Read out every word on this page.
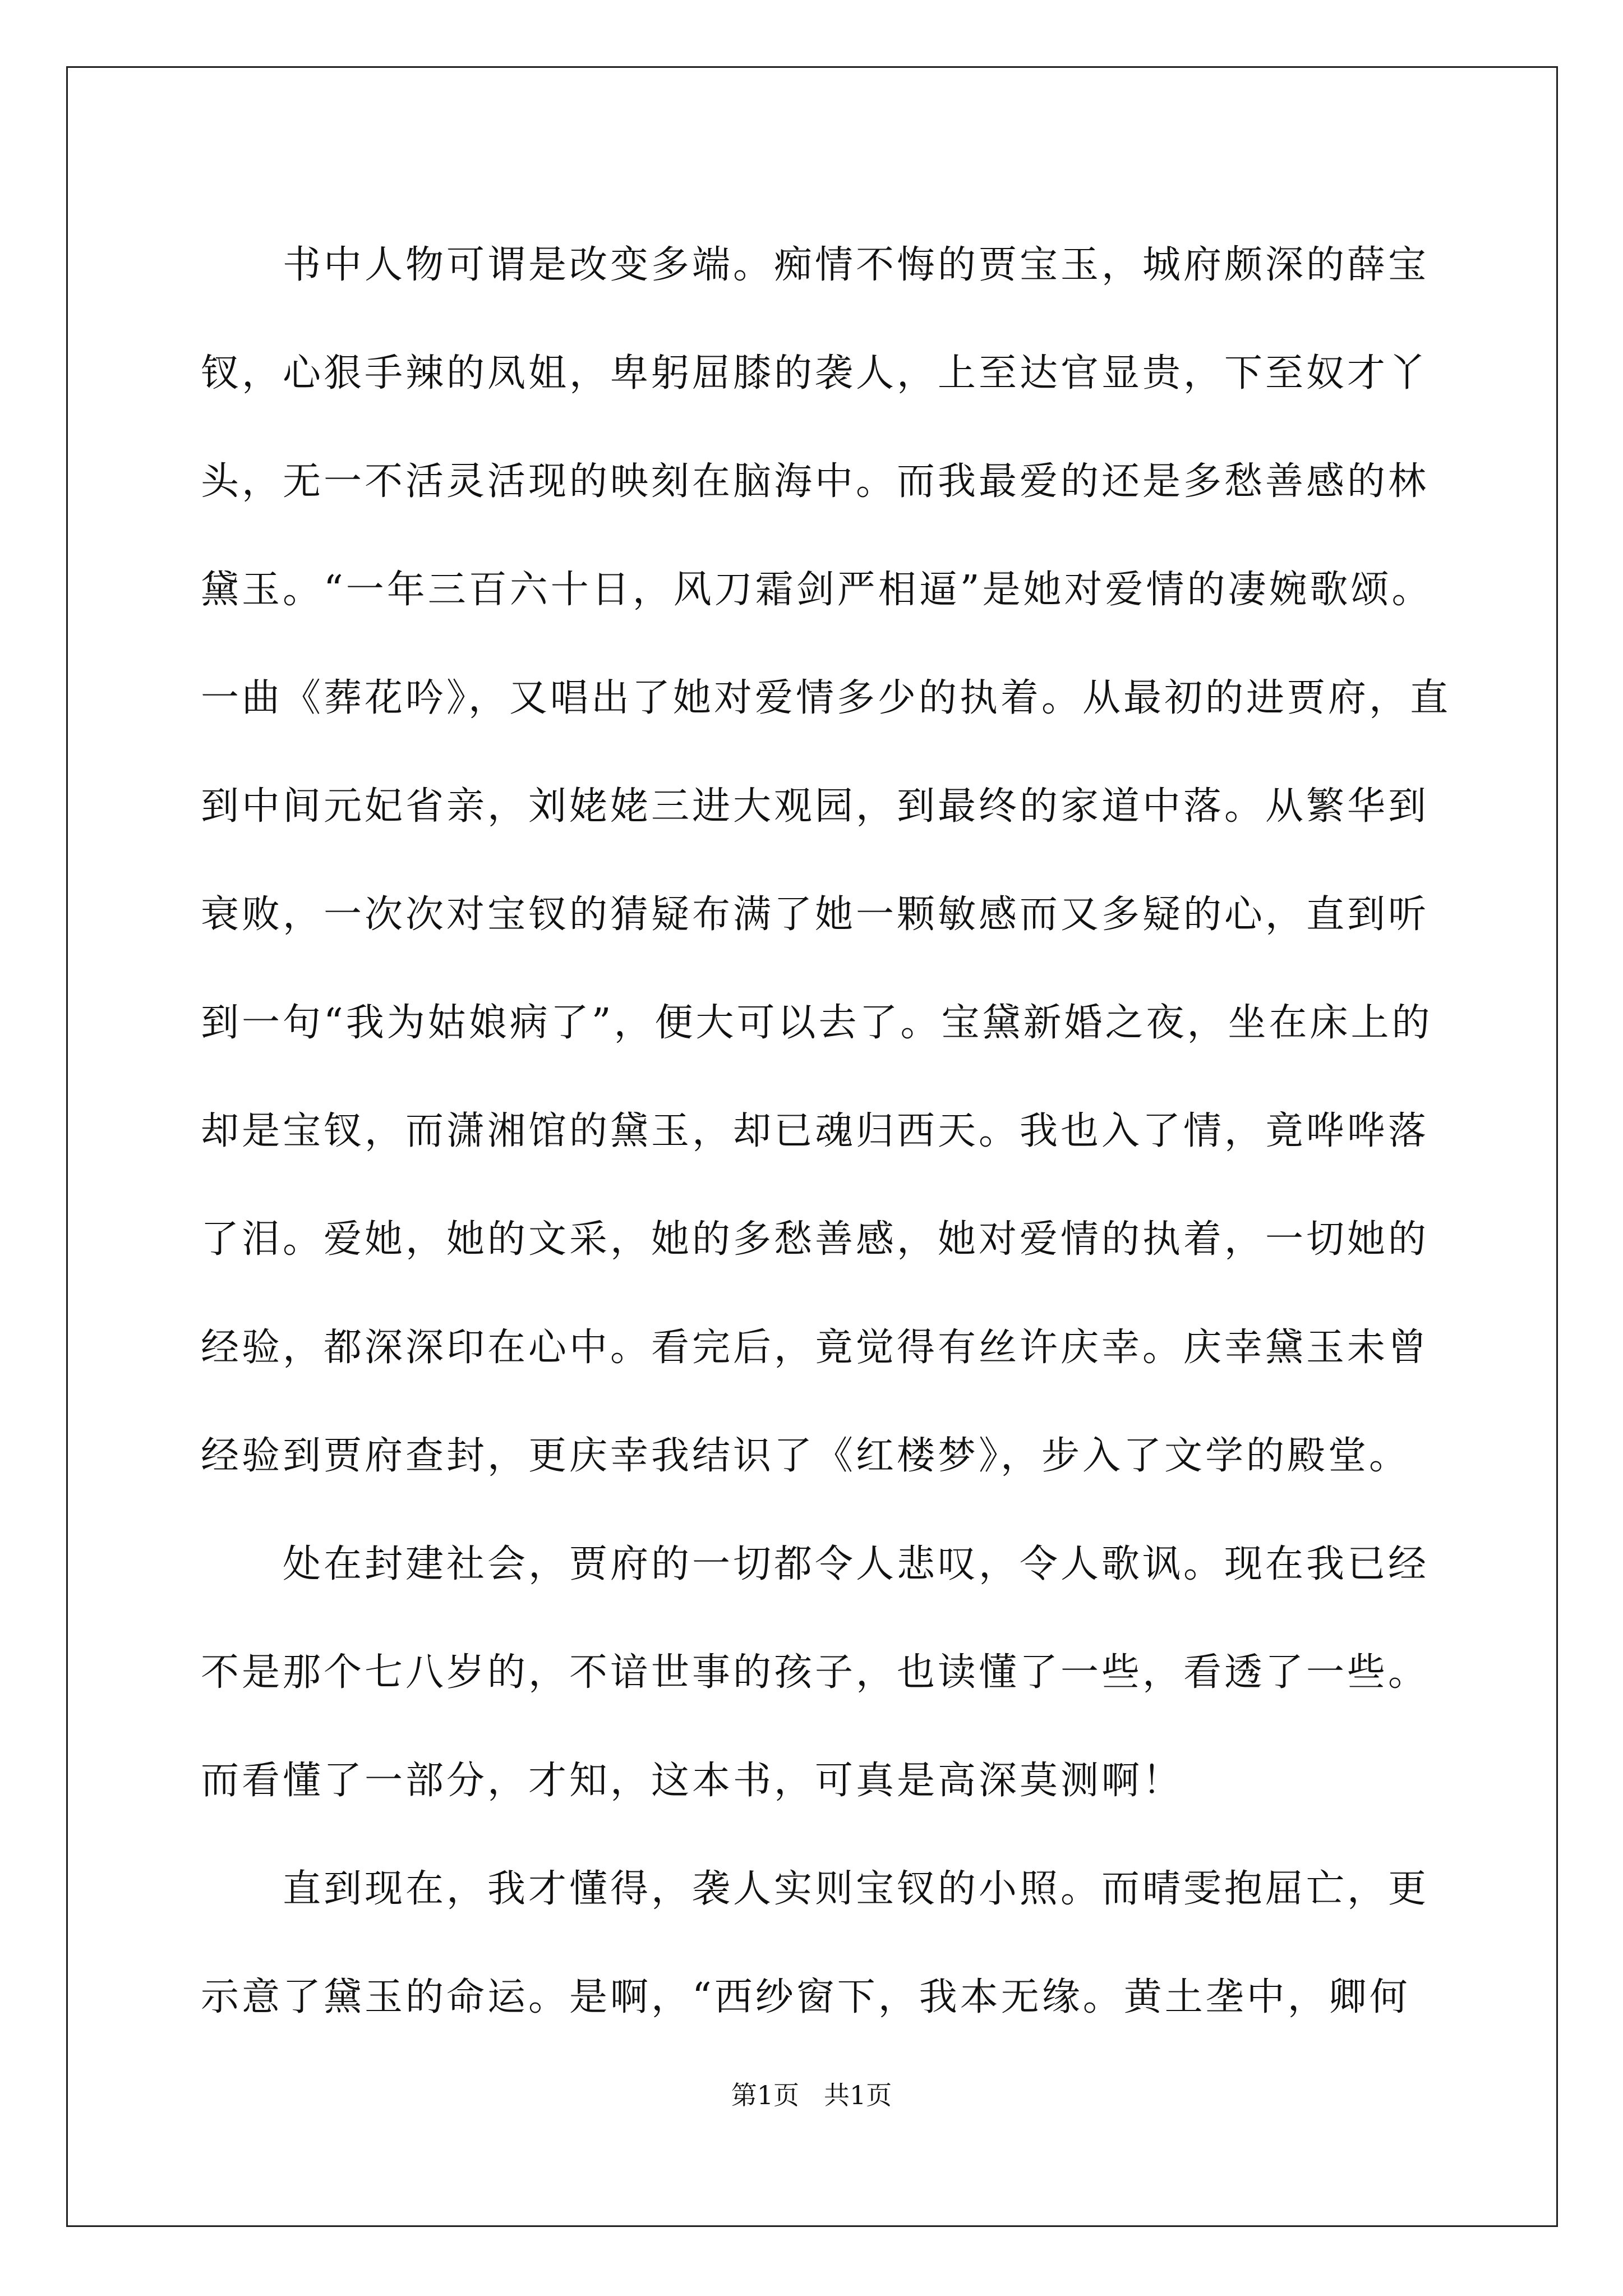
　　书中人物可谓是改变多端。痴情不悔的贾宝玉，城府颇深的薛宝
钗，心狠手辣的凤姐，卑躬屈膝的袭人，上至达官显贵，下至奴才丫
头，无一不活灵活现的映刻在脑海中。而我最爱的还是多愁善感的林
黛玉。“一年三百六十日，风刀霜剑严相逼”是她对爱情的凄婉歌颂。
一曲《葬花吟》，又唱出了她对爱情多少的执着。从最初的进贾府，直
到中间元妃省亲，刘姥姥三进大观园，到最终的家道中落。从繁华到
衰败，一次次对宝钗的猜疑布满了她一颗敏感而又多疑的心，直到听
到一句“我为姑娘病了”，便大可以去了。宝黛新婚之夜，坐在床上的
却是宝钗，而潇湘馆的黛玉，却已魂归西天。我也入了情，竟哗哗落
了泪。爱她，她的文采，她的多愁善感，她对爱情的执着，一切她的
经验，都深深印在心中。看完后，竟觉得有丝许庆幸。庆幸黛玉未曾
经验到贾府查封，更庆幸我结识了《红楼梦》，步入了文学的殿堂。
　　处在封建社会，贾府的一切都令人悲叹，令人歌讽。现在我已经
不是那个七八岁的，不谙世事的孩子，也读懂了一些，看透了一些。
而看懂了一部分，才知，这本书，可真是高深莫测啊！
　　直到现在，我才懂得，袭人实则宝钗的小照。而晴雯抱屈亡，更
示意了黛玉的命运。是啊，“西纱窗下，我本无缘。黄土垄中，卿何
第1页 共1页
